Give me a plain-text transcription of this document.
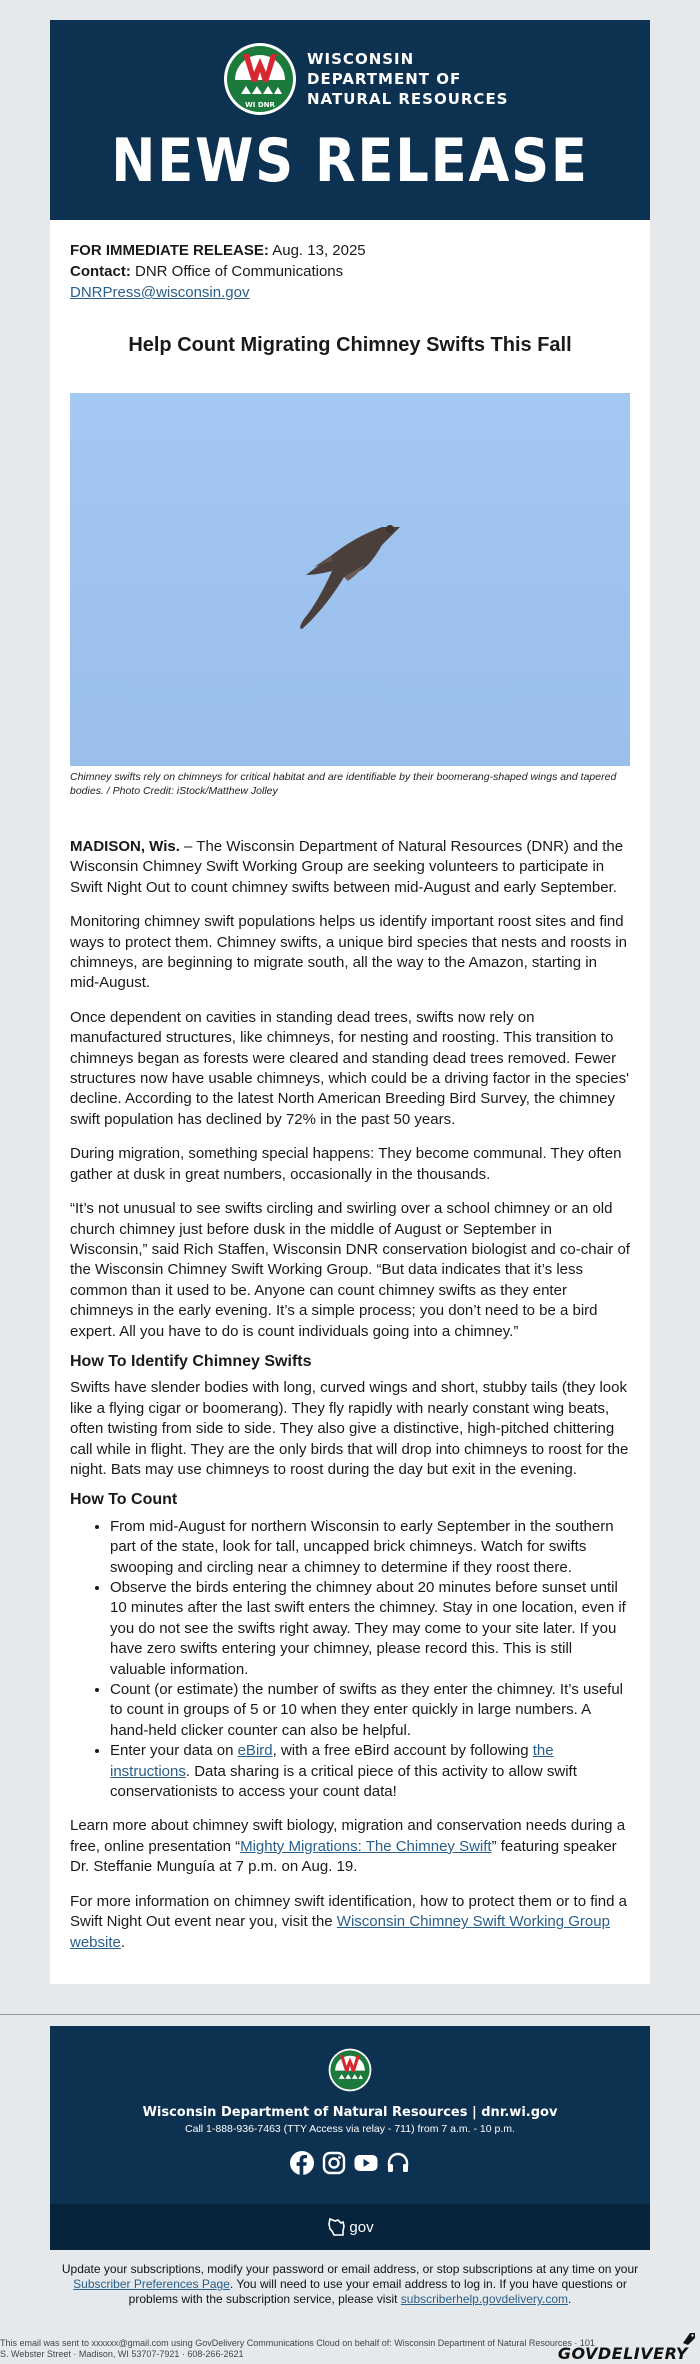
WI DNR
WISCONSIN
DEPARTMENT OF
NATURAL RESOURCES
NEWS RELEASE
FOR IMMEDIATE RELEASE: Aug. 13, 2025
Contact: DNR Office of Communications
DNRPress@wisconsin.gov
Help Count Migrating Chimney Swifts This Fall
Chimney swifts rely on chimneys for critical habitat and are identifiable by their boomerang-shaped wings and tapered bodies. / Photo Credit: iStock/Matthew Jolley

MADISON, Wis. – The Wisconsin Department of Natural Resources (DNR) and the Wisconsin Chimney Swift Working Group are seeking volunteers to participate in Swift Night Out to count chimney swifts between mid-August and early September.

Monitoring chimney swift populations helps us identify important roost sites and find ways to protect them. Chimney swifts, a unique bird species that nests and roosts in chimneys, are beginning to migrate south, all the way to the Amazon, starting in mid-August.

Once dependent on cavities in standing dead trees, swifts now rely on manufactured structures, like chimneys, for nesting and roosting. This transition to chimneys began as forests were cleared and standing dead trees removed. Fewer structures now have usable chimneys, which could be a driving factor in the species' decline. According to the latest North American Breeding Bird Survey, the chimney swift population has declined by 72% in the past 50 years.

During migration, something special happens: They become communal. They often gather at dusk in great numbers, occasionally in the thousands.

“It’s not unusual to see swifts circling and swirling over a school chimney or an old church chimney just before dusk in the middle of August or September in Wisconsin,” said Rich Staffen, Wisconsin DNR conservation biologist and co-chair of the Wisconsin Chimney Swift Working Group. “But data indicates that it’s less common than it used to be. Anyone can count chimney swifts as they enter chimneys in the early evening. It’s a simple process; you don’t need to be a bird expert. All you have to do is count individuals going into a chimney.”

How To Identify Chimney Swifts

Swifts have slender bodies with long, curved wings and short, stubby tails (they look like a flying cigar or boomerang). They fly rapidly with nearly constant wing beats, often twisting from side to side. They also give a distinctive, high-pitched chittering call while in flight. They are the only birds that will drop into chimneys to roost for the night. Bats may use chimneys to roost during the day but exit in the evening.

How To Count
• From mid-August for northern Wisconsin to early September in the southern part of the state, look for tall, uncapped brick chimneys. Watch for swifts swooping and circling near a chimney to determine if they roost there.
• Observe the birds entering the chimney about 20 minutes before sunset until 10 minutes after the last swift enters the chimney. Stay in one location, even if you do not see the swifts right away. They may come to your site later. If you have zero swifts entering your chimney, please record this. This is still valuable information.
• Count (or estimate) the number of swifts as they enter the chimney. It’s useful to count in groups of 5 or 10 when they enter quickly in large numbers. A hand-held clicker counter can also be helpful.
• Enter your data on eBird, with a free eBird account by following the instructions. Data sharing is a critical piece of this activity to allow swift conservationists to access your count data!

Learn more about chimney swift biology, migration and conservation needs during a free, online presentation “Mighty Migrations: The Chimney Swift” featuring speaker Dr. Steffanie Munguía at 7 p.m. on Aug. 19.

For more information on chimney swift identification, how to protect them or to find a Swift Night Out event near you, visit the Wisconsin Chimney Swift Working Group website.

Wisconsin Department of Natural Resources | dnr.wi.gov
Call 1-888-936-7463 (TTY Access via relay - 711) from 7 a.m. - 10 p.m.
gov
Update your subscriptions, modify your password or email address, or stop subscriptions at any time on your Subscriber Preferences Page. You will need to use your email address to log in. If you have questions or problems with the subscription service, please visit subscriberhelp.govdelivery.com.
This email was sent to xxxxxx@gmail.com using GovDelivery Communications Cloud on behalf of: Wisconsin Department of Natural Resources · 101 S. Webster Street · Madison, WI 53707-7921 · 608-266-2621	GOVDELIVERY
